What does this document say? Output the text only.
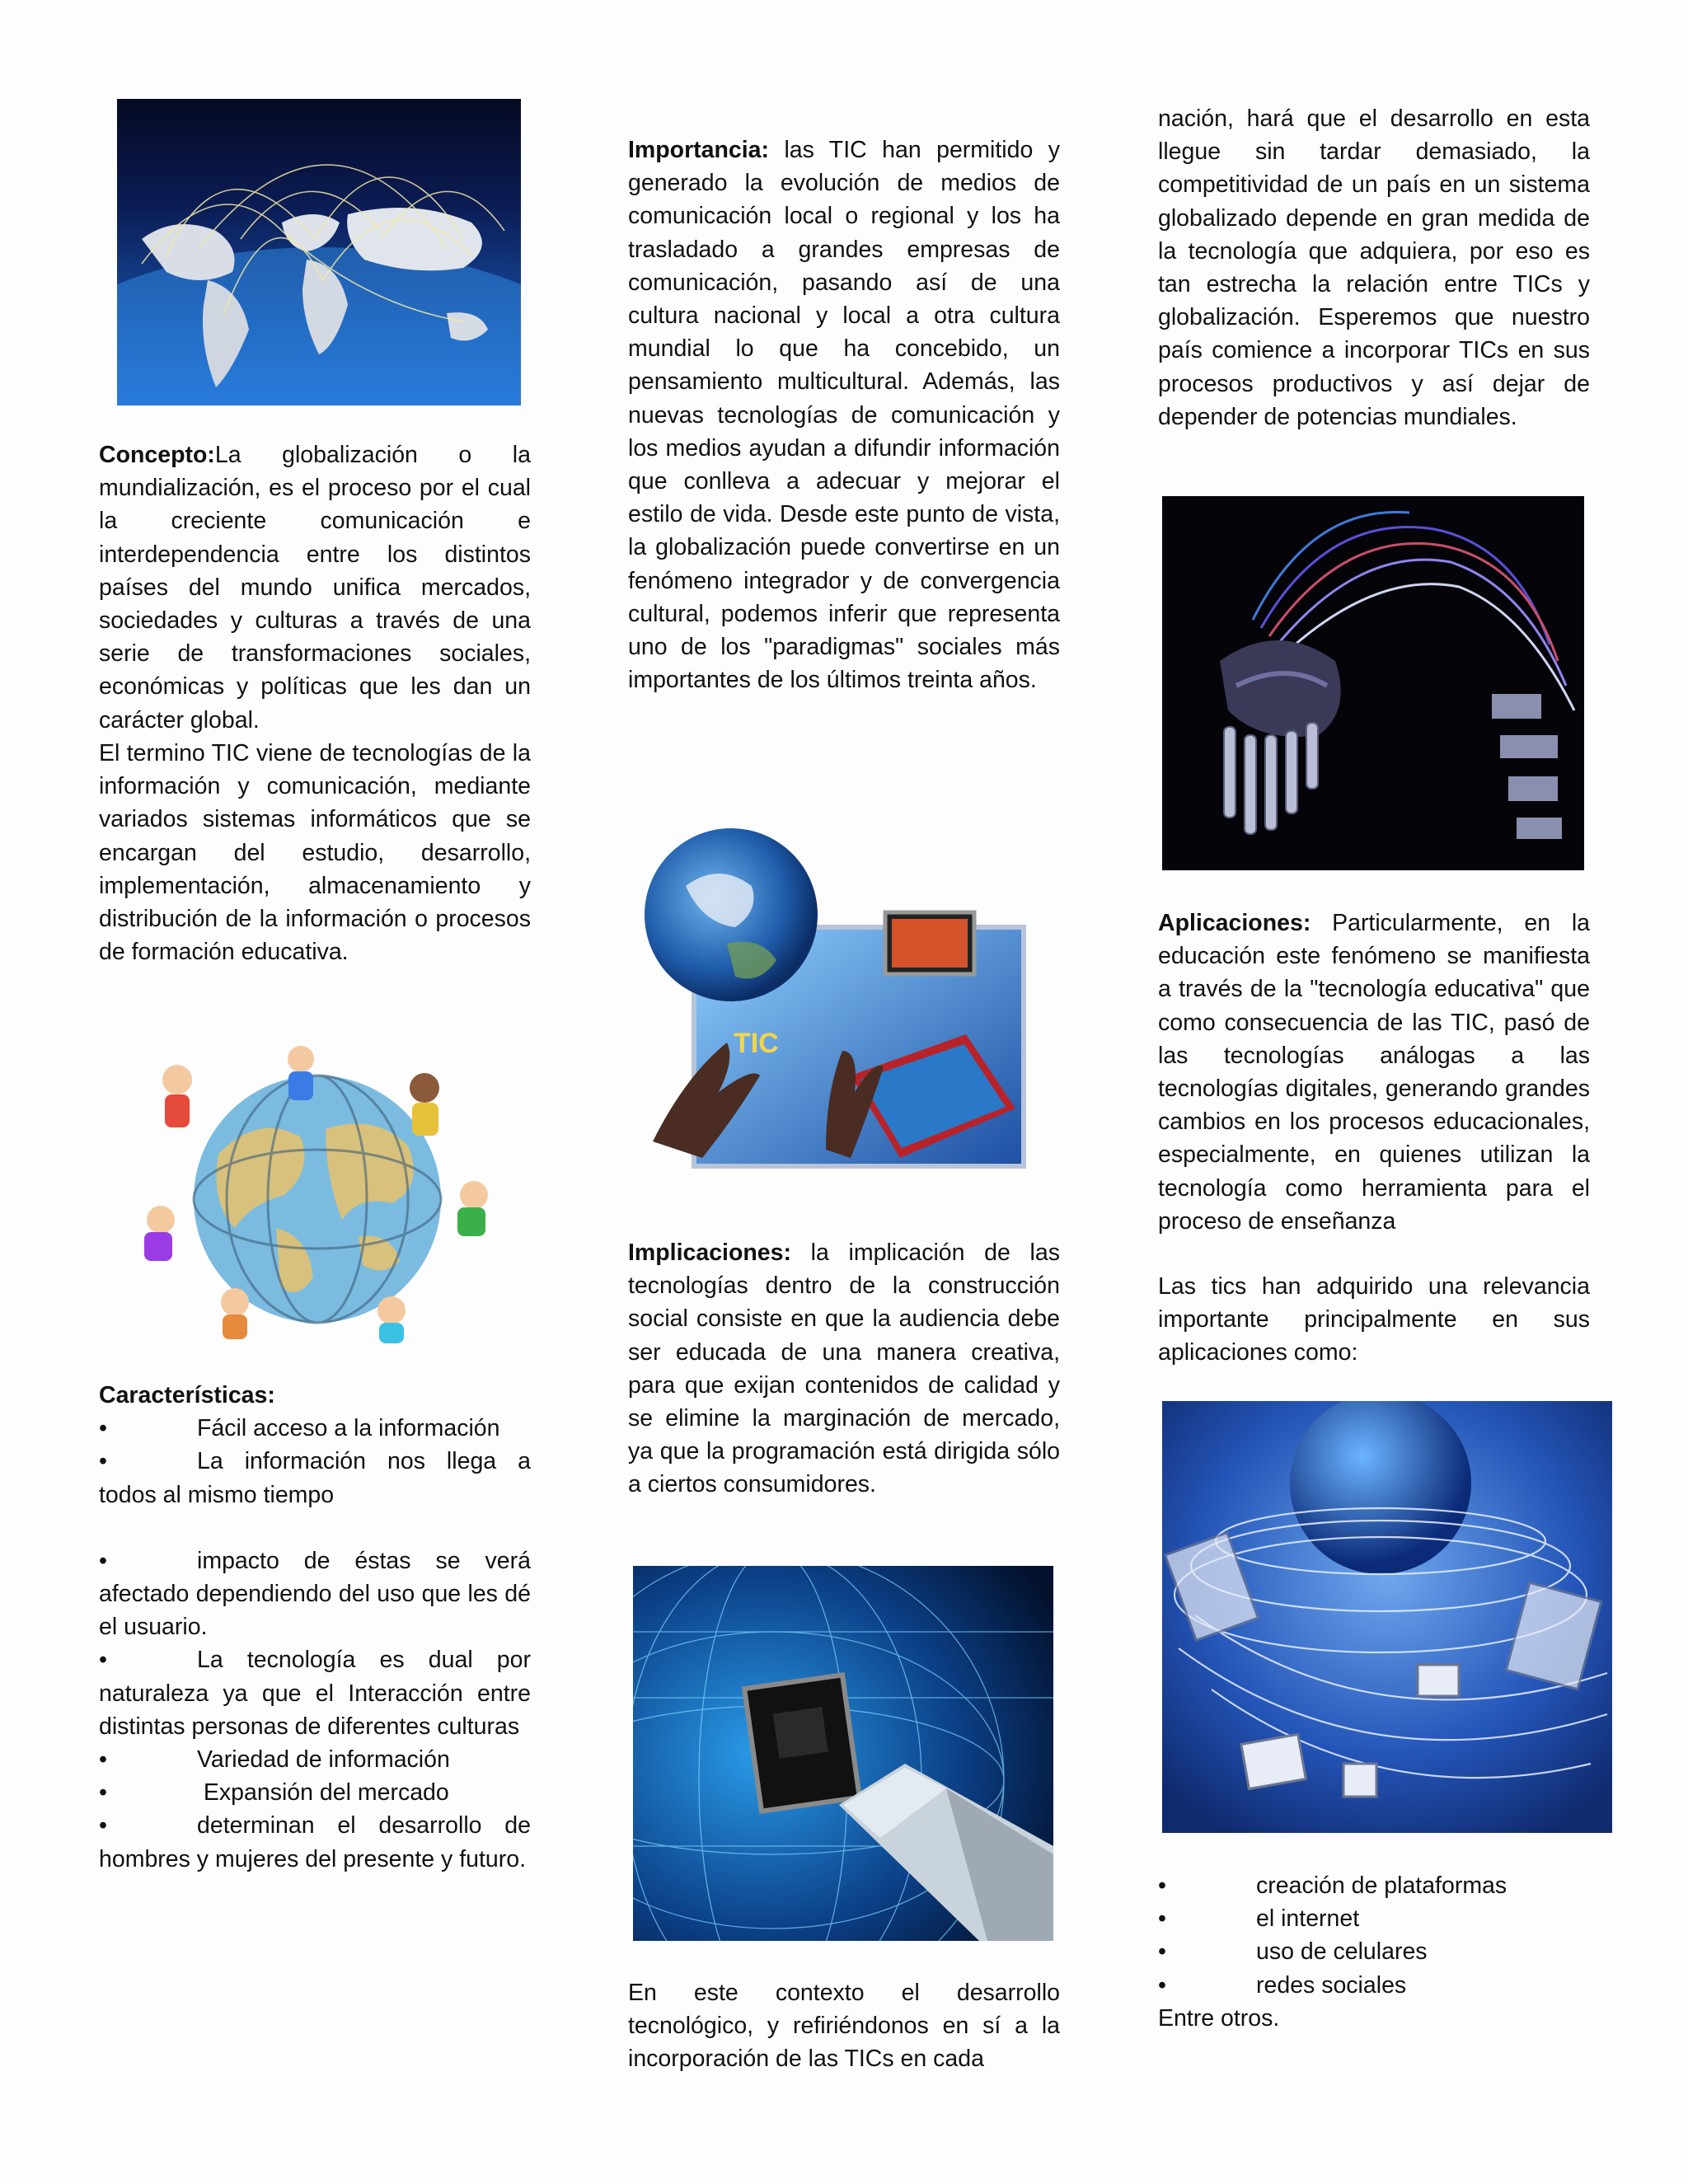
Concepto:La globalización o la mundialización, es el proceso por el cual la creciente comunicación e interdependencia entre los distintos países del mundo unifica mercados, sociedades y culturas a través de una serie de transformaciones sociales, económicas y políticas que les dan un carácter global.
El termino TIC viene de tecnologías de la información y comunicación, mediante variados sistemas informáticos que se encargan del estudio, desarrollo, implementación, almacenamiento y distribución de la información o procesos de formación educativa.
Características:
•	Fácil acceso a la información
•	La información nos llega a todos al mismo tiempo
•	impacto de éstas se verá afectado dependiendo del uso que les dé el usuario.
•	La tecnología es dual por naturaleza ya que el Interacción entre distintas personas de diferentes culturas
•	Variedad de información
•	Expansión del mercado
•	determinan el desarrollo de hombres y mujeres del presente y futuro.
Importancia: las TIC han permitido y generado la evolución de medios de comunicación local o regional y los ha trasladado a grandes empresas de comunicación, pasando así de una cultura nacional y local a otra cultura mundial lo que ha concebido, un pensamiento multicultural. Además, las nuevas tecnologías de comunicación y los medios ayudan a difundir información que conlleva a adecuar y mejorar el estilo de vida. Desde este punto de vista, la globalización puede convertirse en un fenómeno integrador y de convergencia cultural, podemos inferir que representa uno de los "paradigmas" sociales más importantes de los últimos treinta años.
TIC
Implicaciones: la implicación de las tecnologías dentro de la construcción social consiste en que la audiencia debe ser educada de una manera creativa, para que exijan contenidos de calidad y se elimine la marginación de mercado, ya que la programación está dirigida sólo a ciertos consumidores.
En este contexto el desarrollo tecnológico, y refiriéndonos en sí a la incorporación de las TICs en cada
nación, hará que el desarrollo en esta llegue sin tardar demasiado, la competitividad de un país en un sistema globalizado depende en gran medida de la tecnología que adquiera, por eso es tan estrecha la relación entre TICs y globalización. Esperemos que nuestro país comience a incorporar TICs en sus procesos productivos y así dejar de depender de potencias mundiales.
Aplicaciones: Particularmente, en la educación este fenómeno se manifiesta a través de la "tecnología educativa" que como consecuencia de las TIC, pasó de las tecnologías análogas a las tecnologías digitales, generando grandes cambios en los procesos educacionales, especialmente, en quienes utilizan la tecnología como herramienta para el proceso de enseñanza
Las tics han adquirido una relevancia importante principalmente en sus aplicaciones como:
•	creación de plataformas
•	el internet
•	uso de celulares
•	redes sociales
Entre otros.
